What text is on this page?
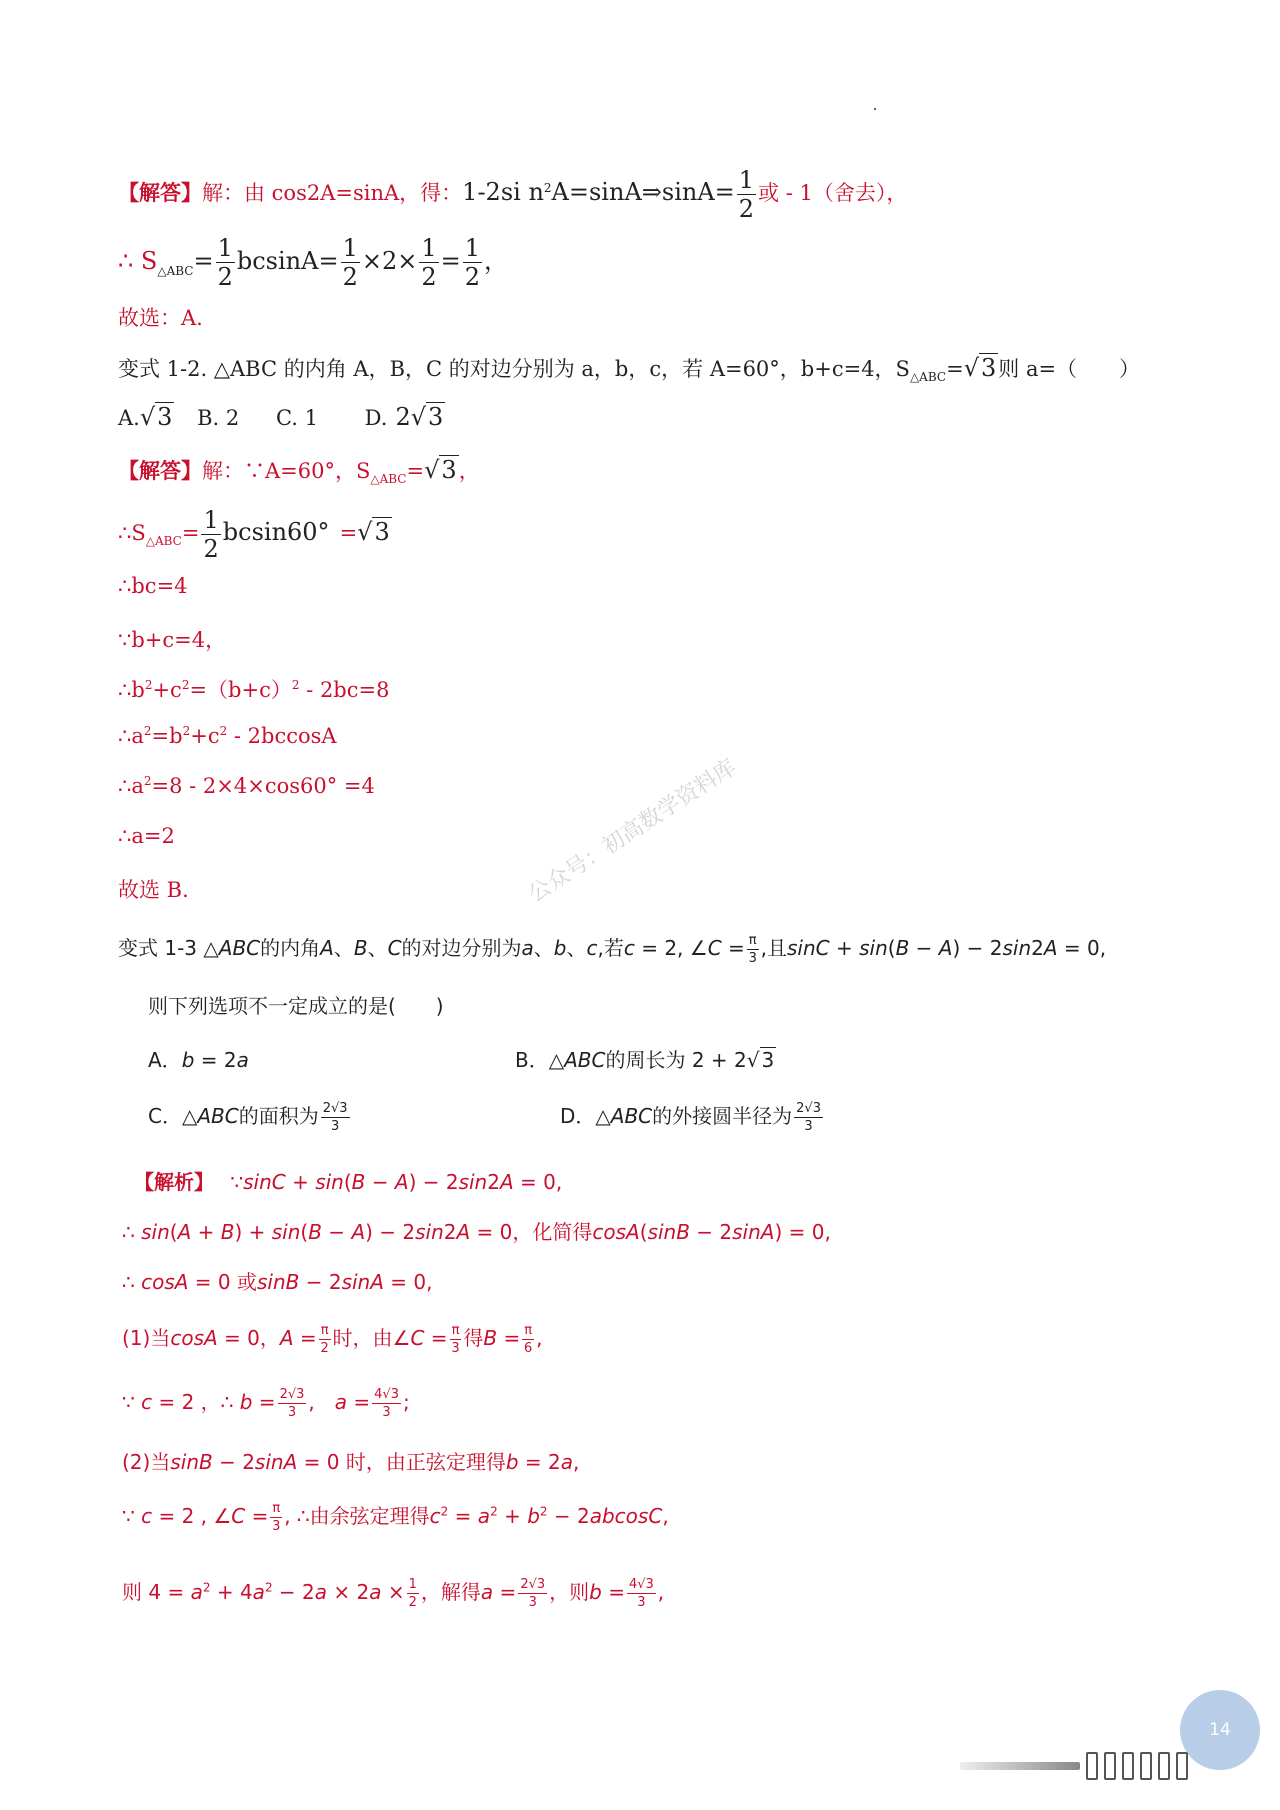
【解答】解：由 cos2A=sinA，得：1-2si $n^2A=\sin A\Rightarrow\sin A= \frac{1}{2}$ 或 - 1（舍去），
∴ $S_{\triangle ABC}= \frac{1}{2} bcsinA= \frac{1}{2} \times 2\times \frac{1}{2} = \frac{1}{2}$ ，
故选：A.
变式 1-2. △ABC 的内角 A，B，C 的对边分别为 a，b，c，若 A=60°，b+c=4，$S_{\triangle ABC}=√3$则 a=（　　）
A.√3 B. 2 C. 1 D. 2√3
【解答】解：∵A=60°，$S_{\triangle ABC}=√3$，
$\therefore S_{\triangle ABC}= \frac{1}{2} bcsin60^\circ =√3$
∴bc=4
∵b+c=4，
$\therefore b^2+c^2=(b+c)^2 - 2bc=8$
$\therefore a^2=b^2+c^2 - 2bccosA$
$\therefore a^2=8 - 2\times 4\times\cos 60^\circ =4$
∴a=2
故选 B.	公众号：初高数学资料库
变式 1-3 △ABC的内角A、B、C的对边分别为a、b、c,若c = 2, ∠C = $\frac{\pi}{3}$ ,且sinC + sin(B − A) − 2sin2A = 0,
则下列选项不一定成立的是(　　)
A．b = 2a	B．△ABC的周长为 2 + 2√ 3
C．△ABC的面积为 $\frac{2√3}{3}$	D．△ABC的外接圆半径为 $\frac{2√3}{3}$
【解析】 ∵sinC + sin(B − A) − 2sin2A = 0,
∴ sin(A + B) + sin(B − A) − 2sin2A = 0，化简得cosA(sinB − 2sinA) = 0,
∴ cosA = 0 或sinB − 2sinA = 0,
(1)当cosA = 0，$A = \frac{\pi}{2}$ 时，由∠C = $\frac{\pi}{3}$ 得$B = \frac{\pi}{6}$ ,
∵ c = 2 ，∴ $b = \frac{2√3}{3}$ ,　$a = \frac{4√3}{3}$ ;
(2)当sinB − 2sinA = 0 时，由正弦定理得b = 2a,
∵ c = 2 , ∠C = $\frac{\pi}{3}$ , ∴由余弦定理得$c^2 = a^2 + b^2 - 2abcosC$,
则 $4 = a^2 + 4a^2 - 2a \times 2a \times \frac{1}{2}$ ，解得$a = \frac{2√3}{3}$ ，则$b = \frac{4√3}{3}$ ,
14
